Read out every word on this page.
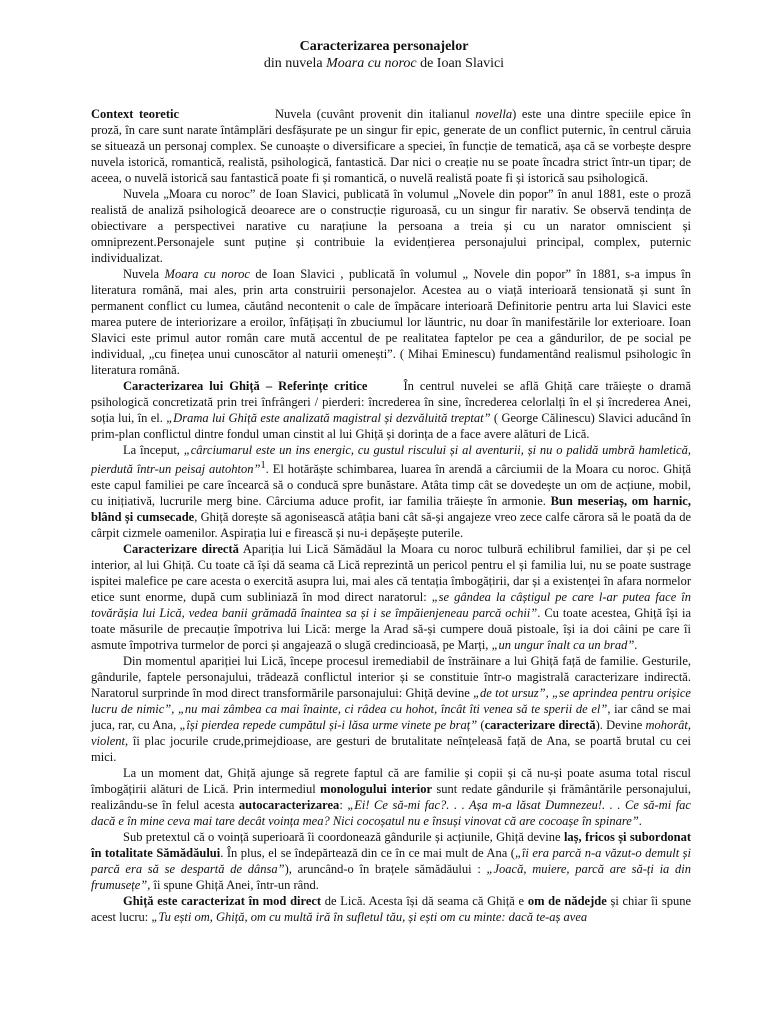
Caracterizarea personajelor
din nuvela Moara cu noroc de Ioan Slavici

Context teoretic	Nuvela (cuvânt provenit din italianul novella) este una dintre speciile epice în proză, în care sunt narate întâmplări desfășurate pe un singur fir epic, generate de un conflict puternic, în centrul căruia se situează un personaj complex. Se cunoaște o diversificare a speciei, în funcție de tematică, așa că se vorbește despre nuvela istorică, romantică, realistă, psihologică, fantastică. Dar nici o creație nu se poate încadra strict într-un tipar; de aceea, o nuvelă istorică sau fantastică poate fi și romantică, o nuvelă realistă poate fi și istorică sau psihologică.

Nuvela „Moara cu noroc” de Ioan Slavici, publicată în volumul „Novele din popor” în anul 1881, este o proză realistă de analiză psihologică deoarece are o construcție riguroasă, cu un singur fir narativ. Se observă tendința de obiectivare a perspectivei narative cu narațiune la persoana a treia și cu un narator omniscient și omniprezent.Personajele sunt puține și contribuie la evidențierea personajului principal, complex, puternic individualizat.

Nuvela Moara cu noroc de Ioan Slavici , publicată în volumul „ Novele din popor” în 1881, s-a impus în literatura română, mai ales, prin arta construirii personajelor. Acestea au o viață interioară tensionată și sunt în permanent conflict cu lumea, căutând necontenit o cale de împăcare interioară Definitorie pentru arta lui Slavici este marea putere de interiorizare a eroilor, înfățișați în zbuciumul lor lăuntric, nu doar în manifestările lor exterioare. Ioan Slavici este primul autor român care mută accentul de pe realitatea faptelor pe cea a gândurilor, de pe social pe individual, „cu finețea unui cunoscător al naturii omenești”. ( Mihai Eminescu) fundamentând realismul psihologic în literatura română.

Caracterizarea lui Ghiță – Referințe critice	În centrul nuvelei se află Ghiță care trăiește o dramă psihologică concretizată prin trei înfrângeri / pierderi: încrederea în sine, încrederea celorlalți în el și încrederea Anei, soția lui, în el. „Drama lui Ghiță este analizată magistral și dezvăluită treptat” ( George Călinescu) Slavici aducând în prim-plan conflictul dintre fondul uman cinstit al lui Ghiță și dorința de a face avere alături de Lică.

La început, „cârciumarul este un ins energic, cu gustul riscului și al aventurii, și nu o palidă umbră hamletică, pierdută într-un peisaj autohton”$^1$. El hotărăște schimbarea, luarea în arendă a cârciumii de la Moara cu noroc. Ghiță este capul familiei pe care încearcă să o conducă spre bunăstare. Atâta timp cât se dovedește un om de acțiune, mobil, cu inițiativă, lucrurile merg bine. Cârciuma aduce profit, iar familia trăiește în armonie. Bun meseriaș, om harnic, blând și cumsecade, Ghiță dorește să agonisească atâția bani cât să-și angajeze vreo zece calfe cărora să le poată da de cârpit cizmele oamenilor. Aspirația lui e firească și nu-i depășește puterile.

Caracterizare directă Apariția lui Lică Sămădăul la Moara cu noroc tulbură echilibrul familiei, dar și pe cel interior, al lui Ghiță. Cu toate că își dă seama că Lică reprezintă un pericol pentru el și familia lui, nu se poate sustrage ispitei malefice pe care acesta o exercită asupra lui, mai ales că tentația îmbogățirii, dar și a existenței în afara normelor etice sunt enorme, după cum subliniază în mod direct naratorul: „se gândea la câștigul pe care l-ar putea face în tovărășia lui Lică, vedea banii grămadă înaintea sa și i se împăienjeneau parcă ochii”. Cu toate acestea, Ghiță își ia toate măsurile de precauție împotriva lui Lică: merge la Arad să-și cumpere două pistoale, își ia doi câini pe care îi asmute împotriva turmelor de porci și angajează o slugă credincioasă, pe Marți, „un ungur înalt ca un brad”.

Din momentul apariției lui Lică, începe procesul iremediabil de înstrăinare a lui Ghiță față de familie. Gesturile, gândurile, faptele personajului, trădează conflictul interior și se constituie într-o magistrală caracterizare indirectă. Naratorul surprinde în mod direct transformările parsonajului: Ghiță devine „de tot ursuz”, „se aprindea pentru orișice lucru de nimic”, „nu mai zâmbea ca mai înainte, ci râdea cu hohot, încât îti venea să te sperii de el”, iar când se mai juca, rar, cu Ana, „își pierdea repede cumpătul și-i lăsa urme vinete pe braț” (caracterizare directă). Devine mohorât, violent, îi plac jocurile crude,primejdioase, are gesturi de brutalitate neînțeleasă față de Ana, se poartă brutal cu cei mici.

La un moment dat, Ghiță ajunge să regrete faptul că are familie și copii și că nu-și poate asuma total riscul îmbogățirii alături de Lică. Prin intermediul monologului interior sunt redate gândurile și frământările personajului, realizându-se în felul acesta autocaracterizarea: „Ei! Ce să-mi fac?. . . Așa m-a lăsat Dumnezeu!. . . Ce să-mi fac dacă e în mine ceva mai tare decât voința mea? Nici cocoșatul nu e însuși vinovat că are cocoașe în spinare”.

Sub pretextul că o voință superioară îi coordonează gândurile și acțiunile, Ghiță devine laș, fricos și subordonat în totalitate Sămădăului. În plus, el se îndepărtează din ce în ce mai mult de Ana („îi era parcă n-a văzut-o demult și parcă era să se despartă de dânsa”), aruncând-o în brațele sămădăului : „Joacă, muiere, parcă are să-ți ia din frumusețe”, îi spune Ghiță Anei, într-un rând.

Ghiță este caracterizat în mod direct de Lică. Acesta își dă seama că Ghiță e om de nădejde și chiar îi spune acest lucru: „Tu ești om, Ghiță, om cu multă iră în sufletul tău, și ești om cu minte: dacă te-aș avea
